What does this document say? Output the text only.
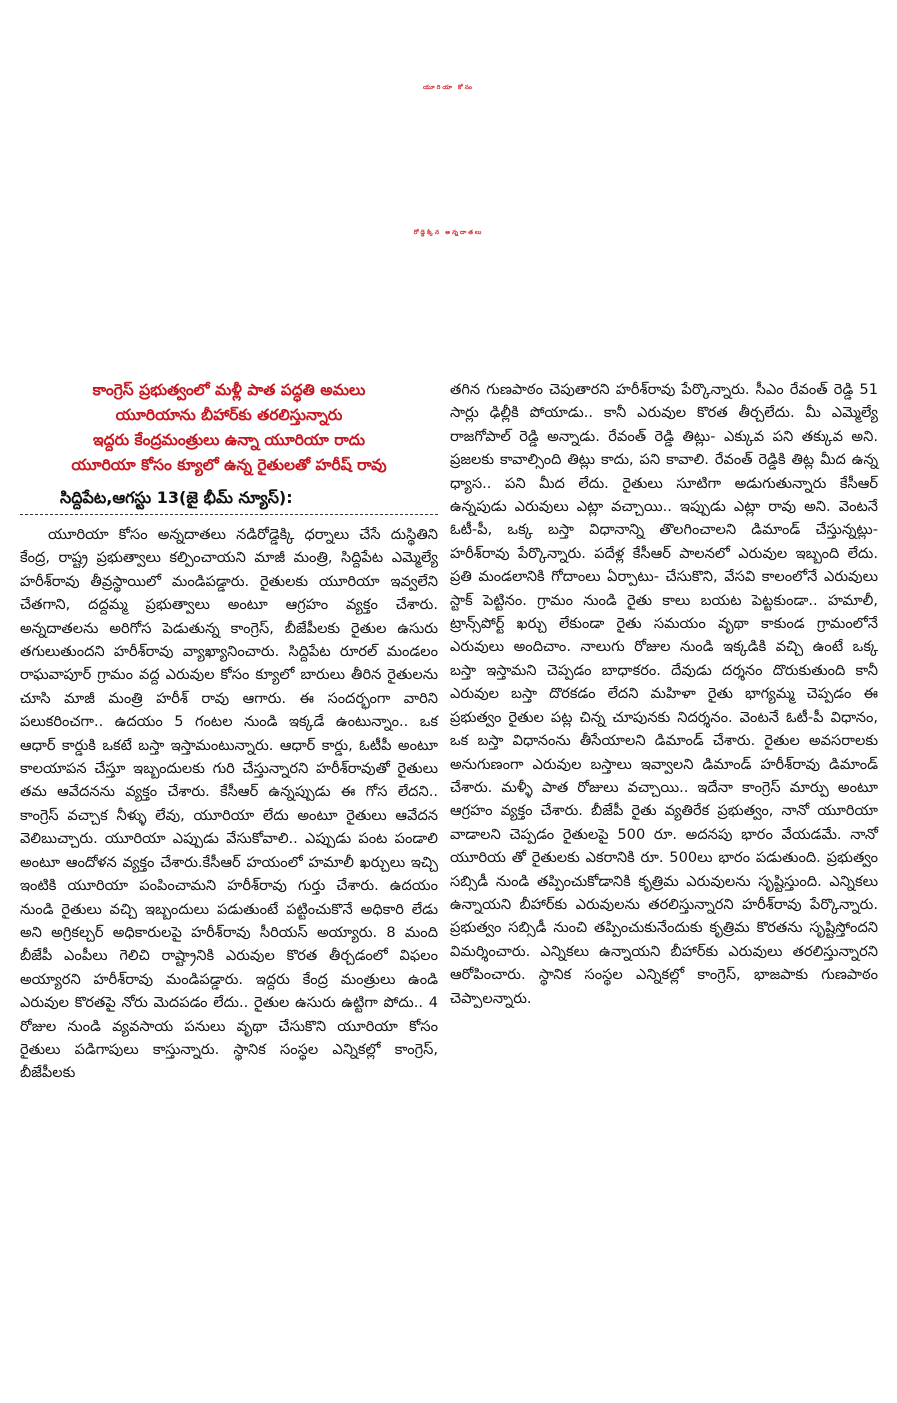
యూరియా కోసం
రోడ్డెక్కిన అన్నదాతలు
కాంగ్రెస్ ప్రభుత్వంలో మళ్లీ పాత పద్ధతి అమలు
యూరియాను బీహార్‌కు తరలిస్తున్నారు
ఇద్దరు కేంద్రమంత్రులు ఉన్నా యూరియా రాదు
యూరియా కోసం క్యూలో ఉన్న రైతులతో హరీష్ రావు
సిద్దిపేట,ఆగస్టు 13(జై భీమ్ న్యూస్):

యూరియా కోసం అన్నదాతలు నడిరోడ్డెక్కి ధర్నాలు చేసే దుస్థితిని కేంద్ర, రాష్ట్ర ప్రభుత్వాలు కల్పించాయని మాజీ మంత్రి, సిద్దిపేట ఎమ్మెల్యే హరీశ్‌రావు తీవ్రస్థాయిలో మండిపడ్డారు. రైతులకు యూరియా ఇవ్వలేని చేతగాని, దద్దమ్మ ప్రభుత్వాలు అంటూ ఆగ్రహం వ్యక్తం చేశారు. అన్నదాతలను అరిగోస పెడుతున్న కాంగ్రెస్, బీజేపీలకు రైతుల ఉసురు తగులుతుందని హరీశ్‌రావు వ్యాఖ్యానించారు. సిద్దిపేట రూరల్ మండలం రాఘవాపూర్ గ్రామం వద్ద ఎరువుల కోసం క్యూలో బారులు తీరిన రైతులను చూసి మాజీ మంత్రి హరీశ్ రావు ఆగారు. ఈ సందర్భంగా వారిని పలుకరించగా.. ఉదయం 5 గంటల నుండి ఇక్కడే ఉంటున్నాం.. ఒక ఆధార్ కార్డుకి ఒకటే బస్తా ఇస్తామంటున్నారు. ఆధార్ కార్డు, ఓటీపీ అంటూ కాలయాపన చేస్తూ ఇబ్బందులకు గురి చేస్తున్నారని హరీశ్‌రావుతో రైతులు తమ ఆవేదనను వ్యక్తం చేశారు. కేసీఆర్ ఉన్నప్పుడు ఈ గోస లేదని.. కాంగ్రెస్ వచ్చాక నీళ్ళు లేవు, యూరియా లేదు అంటూ రైతులు ఆవేదన వెలిబుచ్చారు. యూరియా ఎప్పుడు వేసుకోవాలి.. ఎప్పుడు పంట పండాలి అంటూ ఆందోళన వ్యక్తం చేశారు.కేసీఆర్ హయంలో హమాలీ ఖర్చులు ఇచ్చి ఇంటికి యూరియా పంపించామని హరీశ్‌రావు గుర్తు చేశారు. ఉదయం నుండి రైతులు వచ్చి ఇబ్బందులు పడుతుంటే పట్టించుకొనే అధికారి లేడు అని అగ్రికల్చర్ అధికారులపై హరీశ్‌రావు సీరియస్ అయ్యారు. 8 మంది బీజేపీ ఎంపీలు గెలిచి రాష్ట్రానికి ఎరువుల కొరత తీర్చడంలో విఫలం అయ్యారని హరీశ్‌రావు మండిపడ్డారు. ఇద్దరు కేంద్ర మంత్రులు ఉండి ఎరువుల కొరతపై నోరు మెదపడం లేదు.. రైతుల ఉసురు ఉట్టిగా పోదు.. 4 రోజుల నుండి వ్యవసాయ పనులు వృథా చేసుకొని యూరియా కోసం రైతులు పడిగాపులు కాస్తున్నారు. స్థానిక సంస్థల ఎన్నికల్లో కాంగ్రెస్, బీజేపీలకు

తగిన గుణపాఠం చెపుతారని హరీశ్‌రావు పేర్కొన్నారు. సీఎం రేవంత్ రెడ్డి 51 సార్లు ఢిల్లీకి పోయాడు.. కానీ ఎరువుల కొరత తీర్చలేదు. మీ ఎమ్మెల్యే రాజగోపాల్ రెడ్డి అన్నాడు. రేవంత్ రెడ్డి తిట్లు- ఎక్కువ పని తక్కువ అని. ప్రజలకు కావాల్సింది తిట్లు కాదు, పని కావాలి. రేవంత్ రెడ్డికి తిట్ల మీద ఉన్న ధ్యాస.. పని మీద లేదు. రైతులు సూటిగా అడుగుతున్నారు కేసీఆర్ ఉన్నపుడు ఎరువులు ఎట్లా వచ్చాయి.. ఇప్పుడు ఎట్లా రావు అని. వెంటనే ఓటీ-పీ, ఒక్క బస్తా విధానాన్ని తొలగించాలని డిమాండ్ చేస్తున్నట్లు- హరీశ్‌రావు పేర్కొన్నారు. పదేళ్ల కేసీఆర్ పాలనలో ఎరువుల ఇబ్బంది లేదు. ప్రతి మండలానికి గోదాంలు ఏర్పాటు- చేసుకొని, వేసవి కాలంలోనే ఎరువులు స్టాక్ పెట్టినం. గ్రామం నుండి రైతు కాలు బయట పెట్టకుండా.. హమాలీ, ట్రాన్స్‌పోర్ట్ ఖర్చు లేకుండా రైతు సమయం వృథా కాకుండ గ్రామంలోనే ఎరువులు అందిచాం. నాలుగు రోజుల నుండి ఇక్కడికి వచ్చి ఉంటే ఒక్క బస్తా ఇస్తామని చెప్పడం బాధాకరం. దేవుడు దర్శనం దొరుకుతుంది కానీ ఎరువుల బస్తా దొరకడం లేదని మహిళా రైతు భాగ్యమ్మ చెప్పడం ఈ ప్రభుత్వం రైతుల పట్ల చిన్న చూపునకు నిదర్శనం. వెంటనే ఓటీ-పీ విధానం, ఒక బస్తా విధానంను తీసేయాలని డిమాండ్ చేశారు. రైతుల అవసరాలకు అనుగుణంగా ఎరువుల బస్తాలు ఇవ్వాలని డిమాండ్ హరీశ్‌రావు డిమాండ్ చేశారు. మళ్ళీ పాత రోజులు వచ్చాయి.. ఇదేనా కాంగ్రెస్ మార్పు అంటూ ఆగ్రహం వ్యక్తం చేశారు. బీజేపీ రైతు వ్యతిరేక ప్రభుత్వం, నానో యూరియా వాడాలని చెప్పడం రైతులపై 500 రూ. అదనపు భారం వేయడమే. నానో యూరియ తో రైతులకు ఎకరానికి రూ. 500లు భారం పడుతుంది. ప్రభుత్వం సబ్సిడీ నుండి తప్పించుకోడానికి కృత్రిమ ఎరువులను సృష్టిస్తుంది. ఎన్నికలు ఉన్నాయని బీహార్‌కు ఎరువులను తరలిస్తున్నారని హరీశ్‌రావు పేర్కొన్నారు. ప్రభుత్వం సబ్సిడీ నుంచి తప్పించుకునేందుకు కృత్రిమ కొరతను సృష్టిస్తోందని విమర్శించారు. ఎన్నికలు ఉన్నాయని బీహార్‌కు ఎరువులు తరలిస్తున్నారని ఆరోపించారు. స్థానిక సంస్థల ఎన్నికల్లో కాంగ్రెస్, భాజపాకు గుణపాఠం చెప్పాలన్నారు.
